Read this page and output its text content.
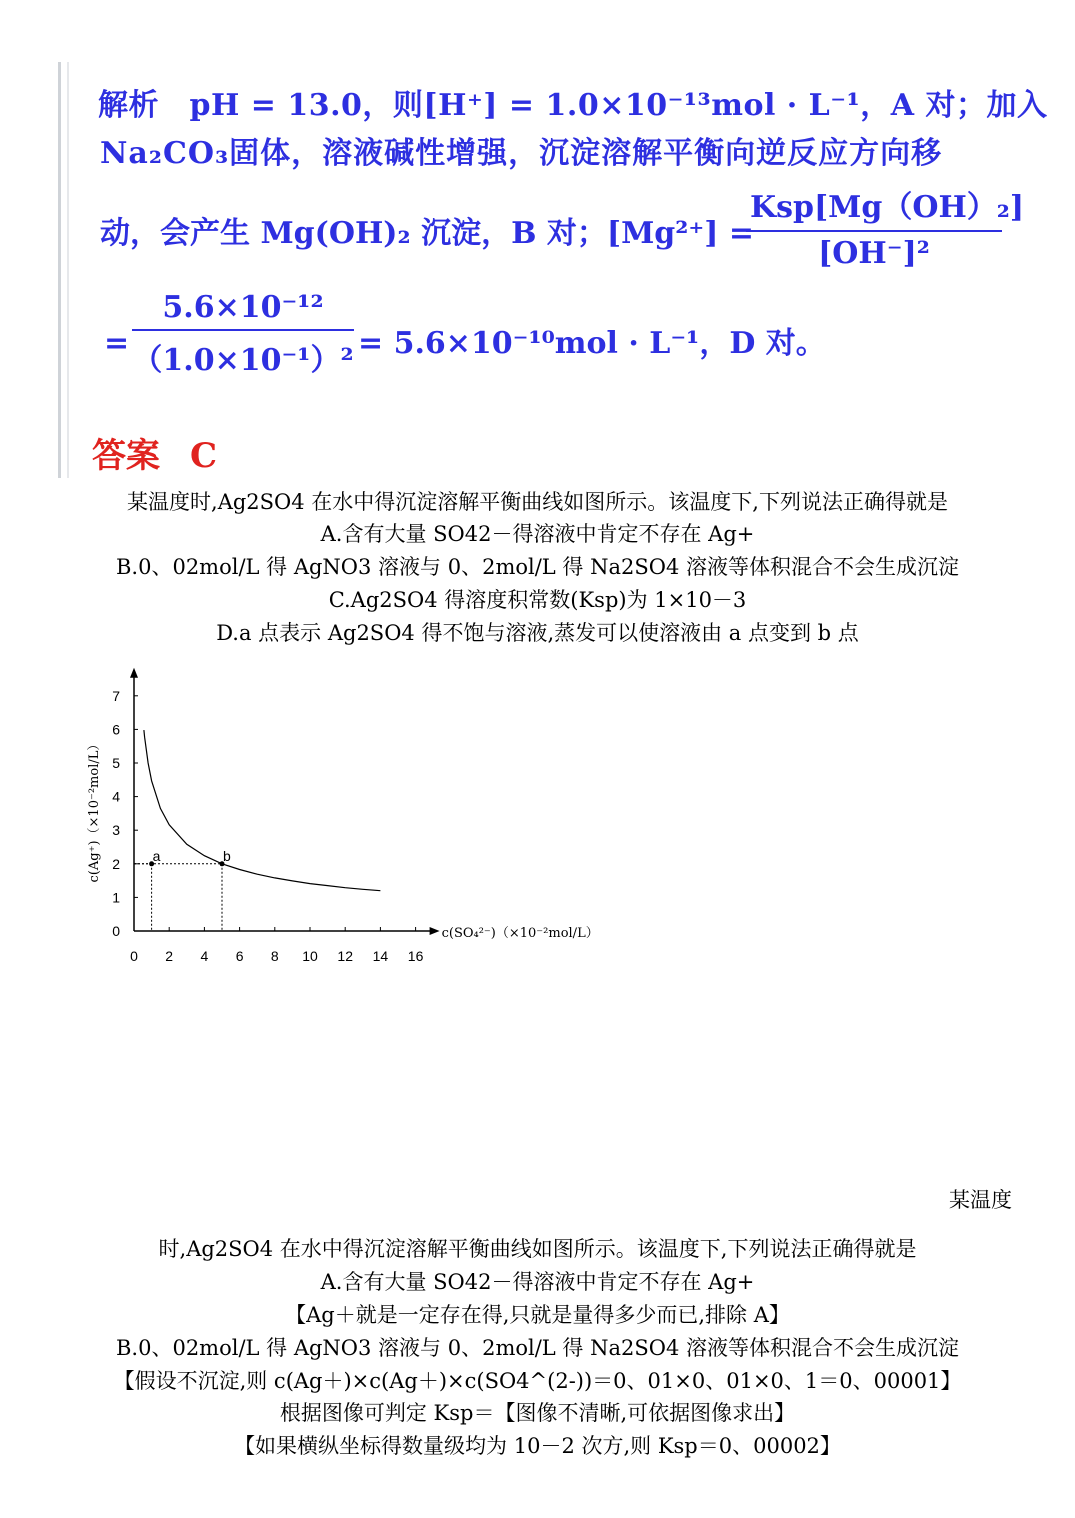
解析　pH = 13.0，则[H⁺] = 1.0×10⁻¹³mol · L⁻¹，A 对；加入
Na₂CO₃固体，溶液碱性增强，沉淀溶解平衡向逆反应方向移
动，会产生 Mg(OH)₂ 沉淀，B 对；[Mg²⁺] =
Ksp[Mg（OH）₂]
[OH⁻]²
= $\frac{\text{5.6×10⁻¹²}}{\text{（1.0×10⁻¹）²}} = 5.6\times 10^{-10}mol \cdot L^{-1}$，D 对。
答案 C
某温度时,Ag2SO4 在水中得沉淀溶解平衡曲线如图所示。该温度下,下列说法正确得就是
A.含有大量 SO42－得溶液中肯定不存在 Ag+
B.0、02mol/L 得 AgNO3 溶液与 0、2mol/L 得 Na2SO4 溶液等体积混合不会生成沉淀
C.Ag2SO4 得溶度积常数(Ksp)为 1×10－3
D.a 点表示 Ag2SO4 得不饱与溶液,蒸发可以使溶液由 a 点变到 b 点
0 2 4 6 8 10 12 14 16
0
1
2
3
4
5
6
7
c(SO₄²⁻)（×10⁻²mol/L）
c(Ag⁺)（×10⁻²mol/L）	a	b
某温度
时,Ag2SO4 在水中得沉淀溶解平衡曲线如图所示。该温度下,下列说法正确得就是
A.含有大量 SO42－得溶液中肯定不存在 Ag+
【Ag＋就是一定存在得,只就是量得多少而已,排除 A】
B.0、02mol/L 得 AgNO3 溶液与 0、2mol/L 得 Na2SO4 溶液等体积混合不会生成沉淀
【假设不沉淀,则 c(Ag＋)×c(Ag＋)×c(SO4^(2-))＝0、01×0、01×0、1＝0、00001】
根据图像可判定 Ksp＝【图像不清晰,可依据图像求出】
【如果横纵坐标得数量级均为 10－2 次方,则 Ksp＝0、00002】
